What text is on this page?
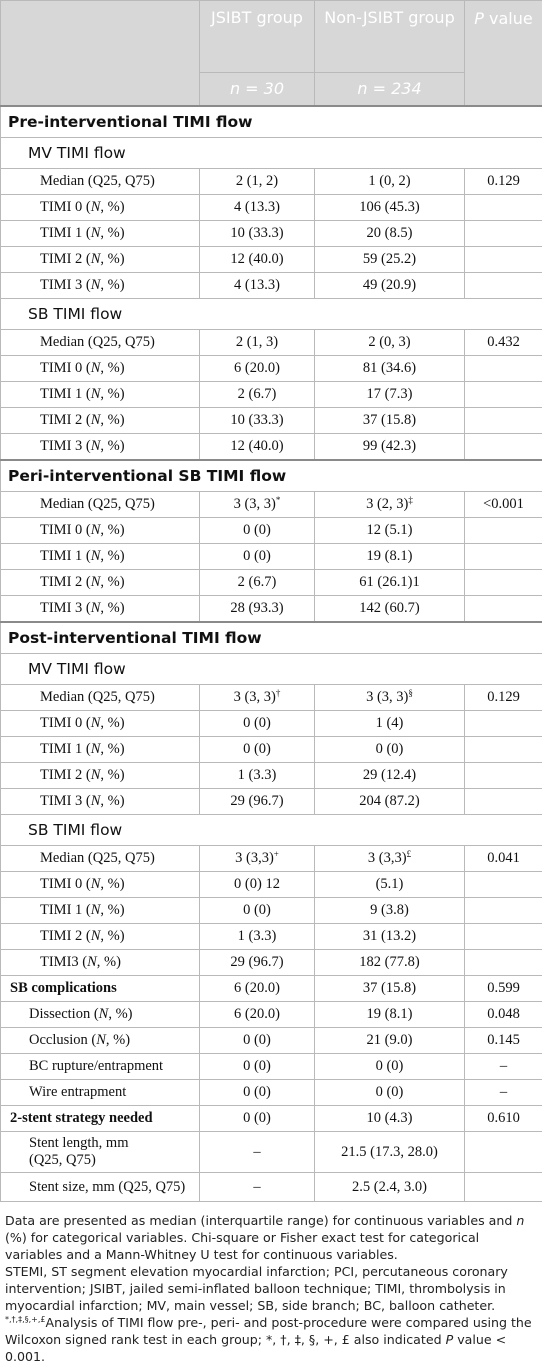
	JSIBT group	Non-JSIBT group	P value
	n = 30	n = 234	
Pre-interventional TIMI flow			
MV TIMI flow			
Median (Q25, Q75)	2 (1, 2)	1 (0, 2)	0.129
TIMI 0 (N, %)	4 (13.3)	106 (45.3)	
TIMI 1 (N, %)	10 (33.3)	20 (8.5)	
TIMI 2 (N, %)	12 (40.0)	59 (25.2)	
TIMI 3 (N, %)	4 (13.3)	49 (20.9)	
SB TIMI flow			
Median (Q25, Q75)	2 (1, 3)	2 (0, 3)	0.432
TIMI 0 (N, %)	6 (20.0)	81 (34.6)	
TIMI 1 (N, %)	2 (6.7)	17 (7.3)	
TIMI 2 (N, %)	10 (33.3)	37 (15.8)	
TIMI 3 (N, %)	12 (40.0)	99 (42.3)	
Peri-interventional SB TIMI flow			
Median (Q25, Q75)	3 (3, 3)*	3 (2, 3)‡	<0.001
TIMI 0 (N, %)	0 (0)	12 (5.1)	
TIMI 1 (N, %)	0 (0)	19 (8.1)	
TIMI 2 (N, %)	2 (6.7)	61 (26.1)1	
TIMI 3 (N, %)	28 (93.3)	142 (60.7)	
Post-interventional TIMI flow			
MV TIMI flow			
Median (Q25, Q75)	3 (3, 3)†	3 (3, 3)§	0.129
TIMI 0 (N, %)	0 (0)	1 (4)	
TIMI 1 (N, %)	0 (0)	0 (0)	
TIMI 2 (N, %)	1 (3.3)	29 (12.4)	
TIMI 3 (N, %)	29 (96.7)	204 (87.2)	
SB TIMI flow			
Median (Q25, Q75)	3 (3,3)+	3 (3,3)£	0.041
TIMI 0 (N, %)	0 (0) 12	(5.1)	
TIMI 1 (N, %)	0 (0)	9 (3.8)	
TIMI 2 (N, %)	1 (3.3)	31 (13.2)	
TIMI3 (N, %)	29 (96.7)	182 (77.8)	
SB complications	6 (20.0)	37 (15.8)	0.599
Dissection (N, %)	6 (20.0)	19 (8.1)	0.048
Occlusion (N, %)	0 (0)	21 (9.0)	0.145
BC rupture/entrapment	0 (0)	0 (0)	–
Wire entrapment	0 (0)	0 (0)	–
2-stent strategy needed	0 (0)	10 (4.3)	0.610
Stent length, mm
(Q25, Q75)	–	21.5 (17.3, 28.0)	
Stent size, mm (Q25, Q75)	–	2.5 (2.4, 3.0)	

Data are presented as median (interquartile range) for continuous variables and n (%) for categorical variables. Chi-square or Fisher exact test for categorical variables and a Mann-Whitney U test for continuous variables.

STEMI, ST segment elevation myocardial infarction; PCI, percutaneous coronary intervention; JSIBT, jailed semi-inflated balloon technique; TIMI, thrombolysis in myocardial infarction; MV, main vessel; SB, side branch; BC, balloon catheter.

*,†,‡,§,+,£Analysis of TIMI flow pre-, peri- and post-procedure were compared using the Wilcoxon signed rank test in each group; *, †, ‡, §, +, £ also indicated P value < 0.001.
